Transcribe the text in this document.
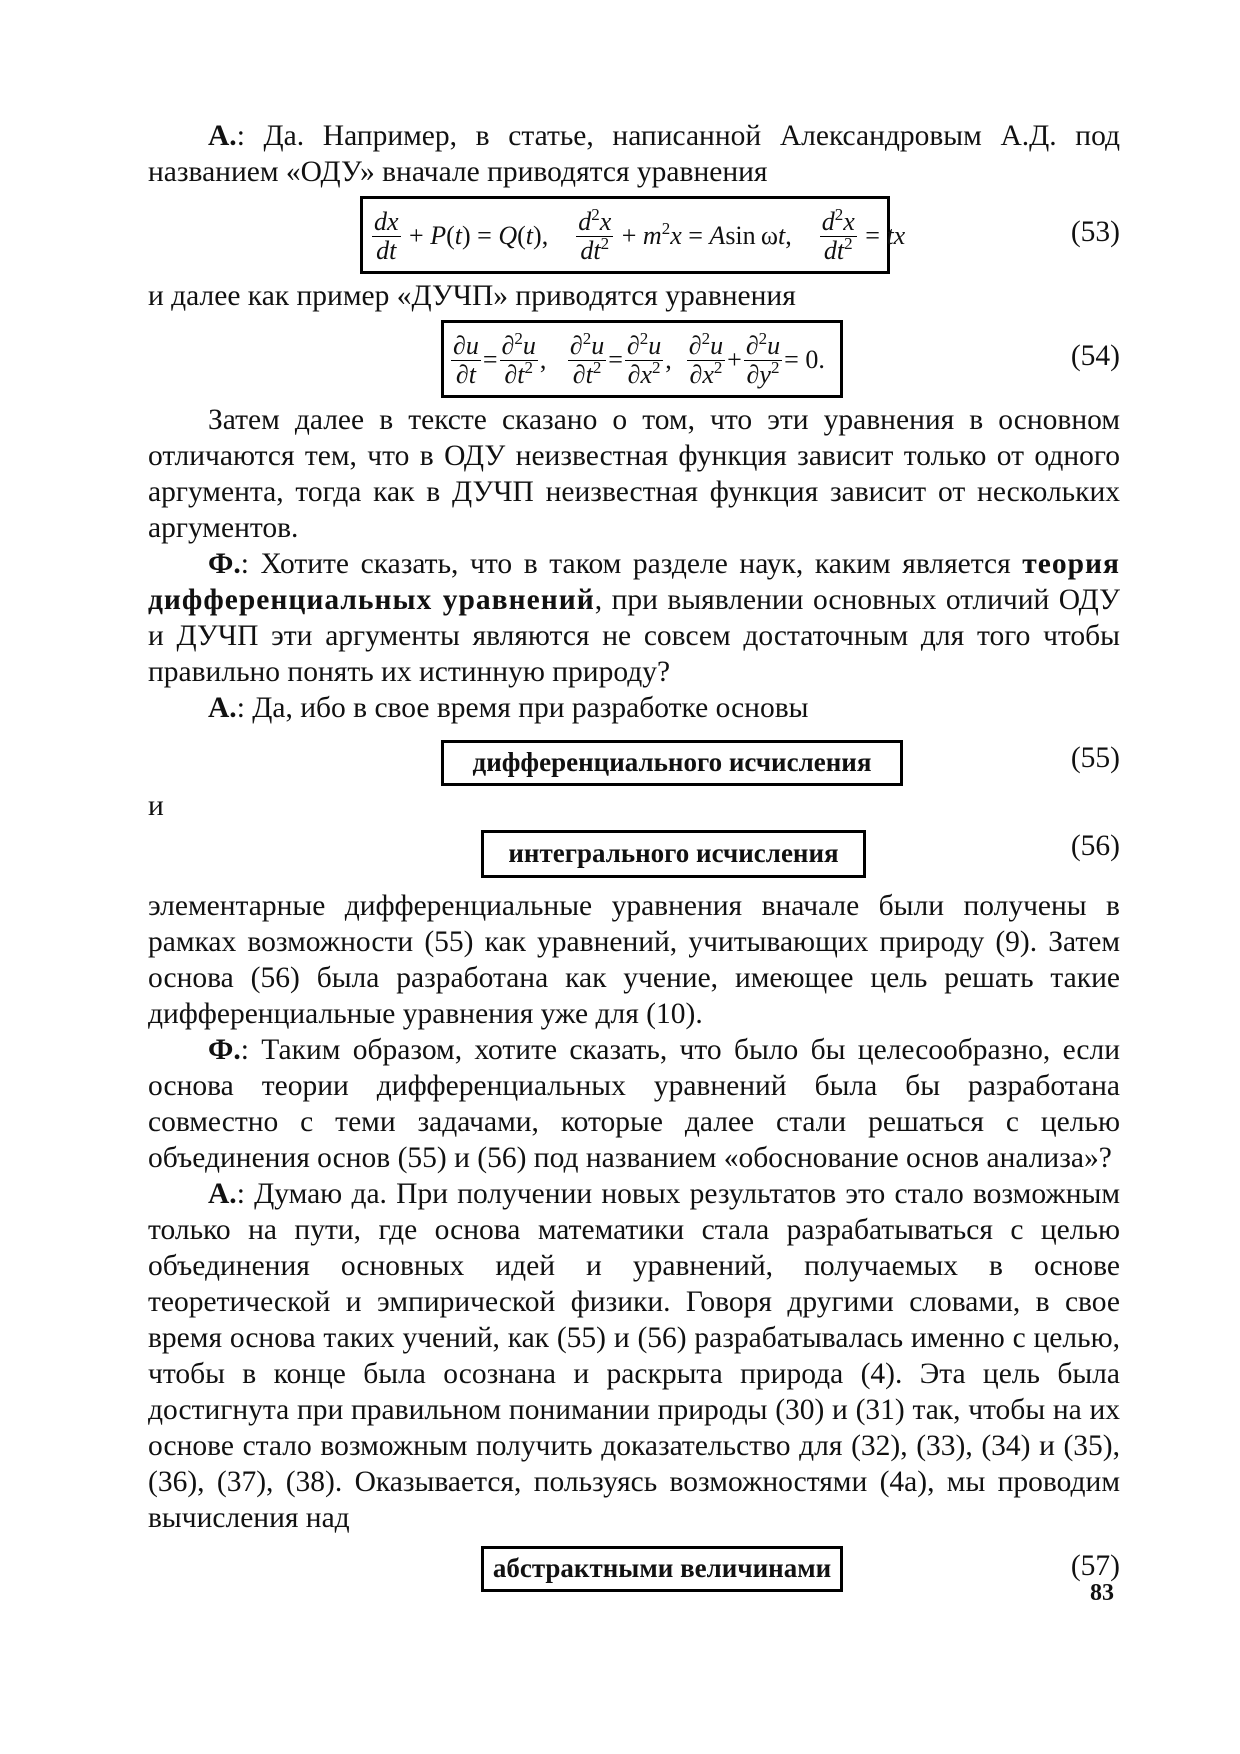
А.: Да. Например, в статье, написанной Александровым А.Д. под названием «ОДУ» вначале приводятся уравнения

$\frac{dx}{dt} + P(t) = Q(t)$, $\frac{d^2x}{dt^2} + m^2x = Asin$ ωt, $\frac{d^2x}{dt^2}$ = tx	(53)

и далее как пример «ДУЧП» приводятся уравнения

$\frac{\partial u}{\partial t} = \frac{\partial^2u}{\partial t^2}$ , $\frac{\partial^2u}{\partial t^2} = \frac{\partial^2u}{\partial x^2}$ , $\frac{\partial^2u}{\partial x^2} + \frac{\partial^2u}{\partial y^2} = 0$.	(54)

Затем далее в тексте сказано о том, что эти уравнения в основном отличаются тем, что в ОДУ неизвестная функция зависит только от одного аргумента, тогда как в ДУЧП неизвестная функция зависит от нескольких аргументов.

Ф.: Хотите сказать, что в таком разделе наук, каким является теория дифференциальных уравнений, при выявлении основных отличий ОДУ и ДУЧП эти аргументы являются не совсем достаточным для того чтобы правильно понять их истинную природу?

А.: Да, ибо в свое время при разработке основы

дифференциального исчисления	(55)
и
интегрального исчисления	(56)

элементарные дифференциальные уравнения вначале были получены в рамках возможности (55) как уравнений, учитывающих природу (9). Затем основа (56) была разработана как учение, имеющее цель решать такие дифференциальные уравнения уже для (10).

Ф.: Таким образом, хотите сказать, что было бы целесообразно, если основа теории дифференциальных уравнений была бы разработана совместно с теми задачами, которые далее стали решаться с целью объединения основ (55) и (56) под названием «обоснование основ анализа»?

А.: Думаю да. При получении новых результатов это стало возможным только на пути, где основа математики стала разрабатываться с целью объединения основных идей и уравнений, получаемых в основе теоретической и эмпирической физики. Говоря другими словами, в свое время основа таких учений, как (55) и (56) разрабатывалась именно с целью, чтобы в конце была осознана и раскрыта природа (4). Эта цель была достигнута при правильном понимании природы (30) и (31) так, чтобы на их основе стало возможным получить доказательство для (32), (33), (34) и (35), (36), (37), (38). Оказывается, пользуясь возможностями (4а), мы проводим вычисления над

абстрактными величинами	(57)
83
